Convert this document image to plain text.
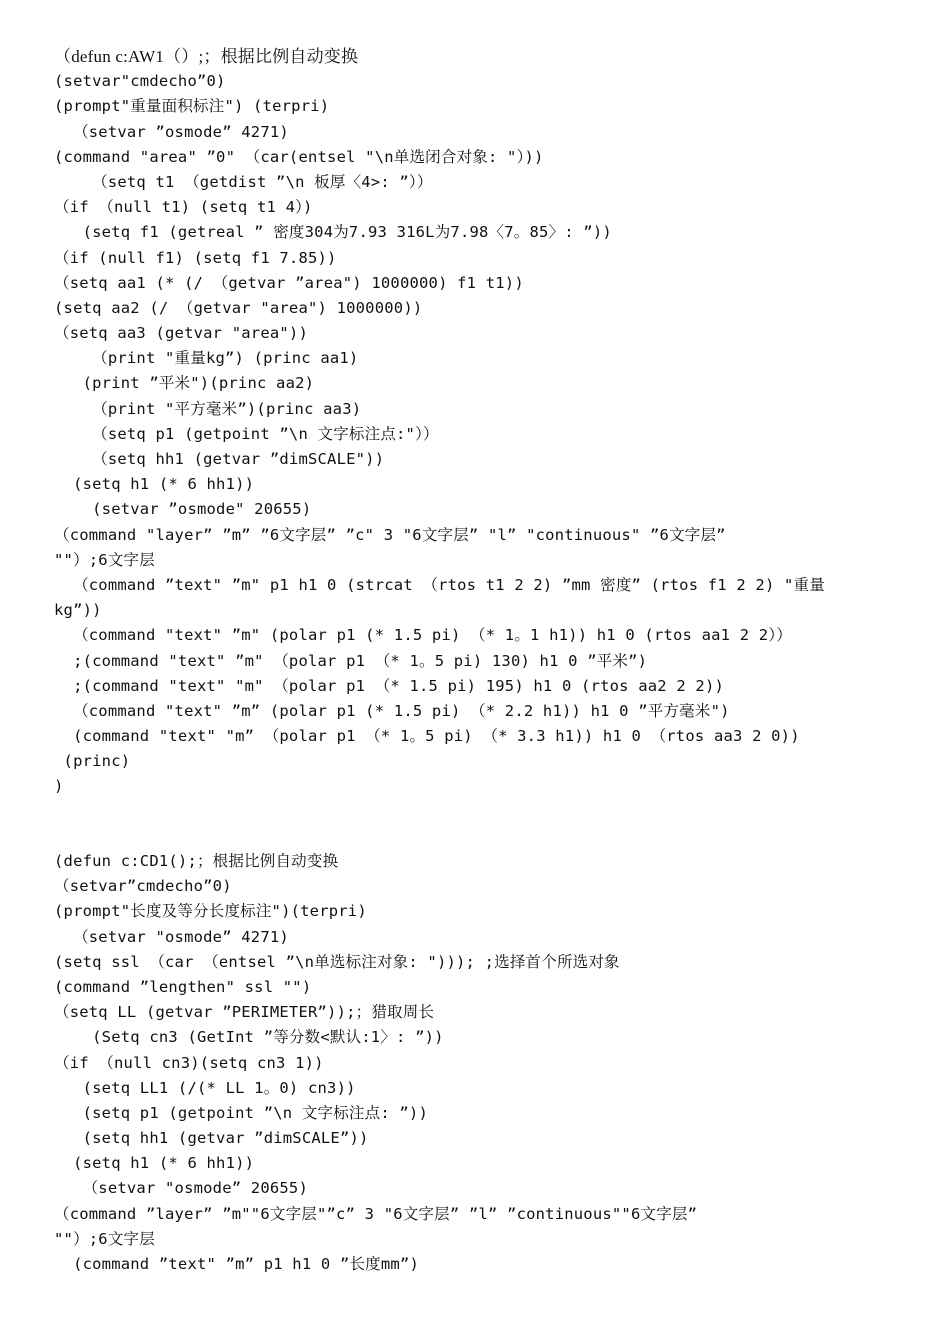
（defun c:AW1（）;；根据比例自动变换
(setvar"cmdecho”0)
(prompt"重量面积标注") (terpri)
（setvar ”osmode” 4271)
(command "area" ”0" （car(entsel "\n单选闭合对象: "）))
（setq t1 （getdist ”\n 板厚〈4>: ”））
（if （null t1) (setq t1 4）)
(setq f1 (getreal ” 密度304为7.93 316L为7.98〈7。85〉: ”))
（if (null f1) (setq f1 7.85))
（setq aa1 (* (/ （getvar ”area") 1000000) f1 t1))
(setq aa2 (/ （getvar "area") 1000000))
（setq aa3 (getvar "area"))
（print "重量kg”) (princ aa1)
(print ”平米")(princ aa2)
（print "平方毫米”)(princ aa3)
（setq p1 (getpoint ”\n 文字标注点:"））
（setq hh1 (getvar ”dimSCALE"))
(setq h1 (* 6 hh1))
(setvar ”osmode" 20655)
（command "layer” ”m” ”6文字层” ”c" 3 "6文字层” "l” "continuous" ”6文字层”
""）;6文字层
（command ”text" ”m" p1 h1 0 (strcat （rtos t1 2 2) ”mm 密度” (rtos f1 2 2) "重量
kg”))
（command "text" ”m" (polar p1 (* 1.5 pi) （* 1。1 h1)) h1 0 (rtos aa1 2 2））
;(command "text" ”m" （polar p1 （* 1。5 pi) 130) h1 0 ”平米”)
;(command "text" "m" （polar p1 （* 1.5 pi) 195) h1 0 (rtos aa2 2 2))
（command "text" ”m” (polar p1 (* 1.5 pi) （* 2.2 h1)) h1 0 ”平方毫米")
(command "text" "m” （polar p1 （* 1。5 pi) （* 3.3 h1)) h1 0 （rtos aa3 2 0))
(princ)
)
(defun c:CD1();；根据比例自动变换
（setvar”cmdecho”0)
(prompt"长度及等分长度标注")(terpri)
（setvar "osmode” 4271)
(setq ssl （car （entsel ”\n单选标注对象: "))); ;选择首个所选对象
(command ”lengthen" ssl "")
（setq LL (getvar ”PERIMETER”));；猎取周长
(Setq cn3 (GetInt ”等分数<默认:1〉: ”))
（if （null cn3)(setq cn3 1))
(setq LL1 (/(* LL 1。0) cn3))
(setq p1 (getpoint ”\n 文字标注点: ”))
(setq hh1 (getvar ”dimSCALE”))
(setq h1 (* 6 hh1))
（setvar "osmode” 20655)
（command ”layer” ”m""6文字层"”c” 3 "6文字层” ”l” ”continuous""6文字层”
""）;6文字层
(command ”text" ”m” p1 h1 0 ”长度mm”)
